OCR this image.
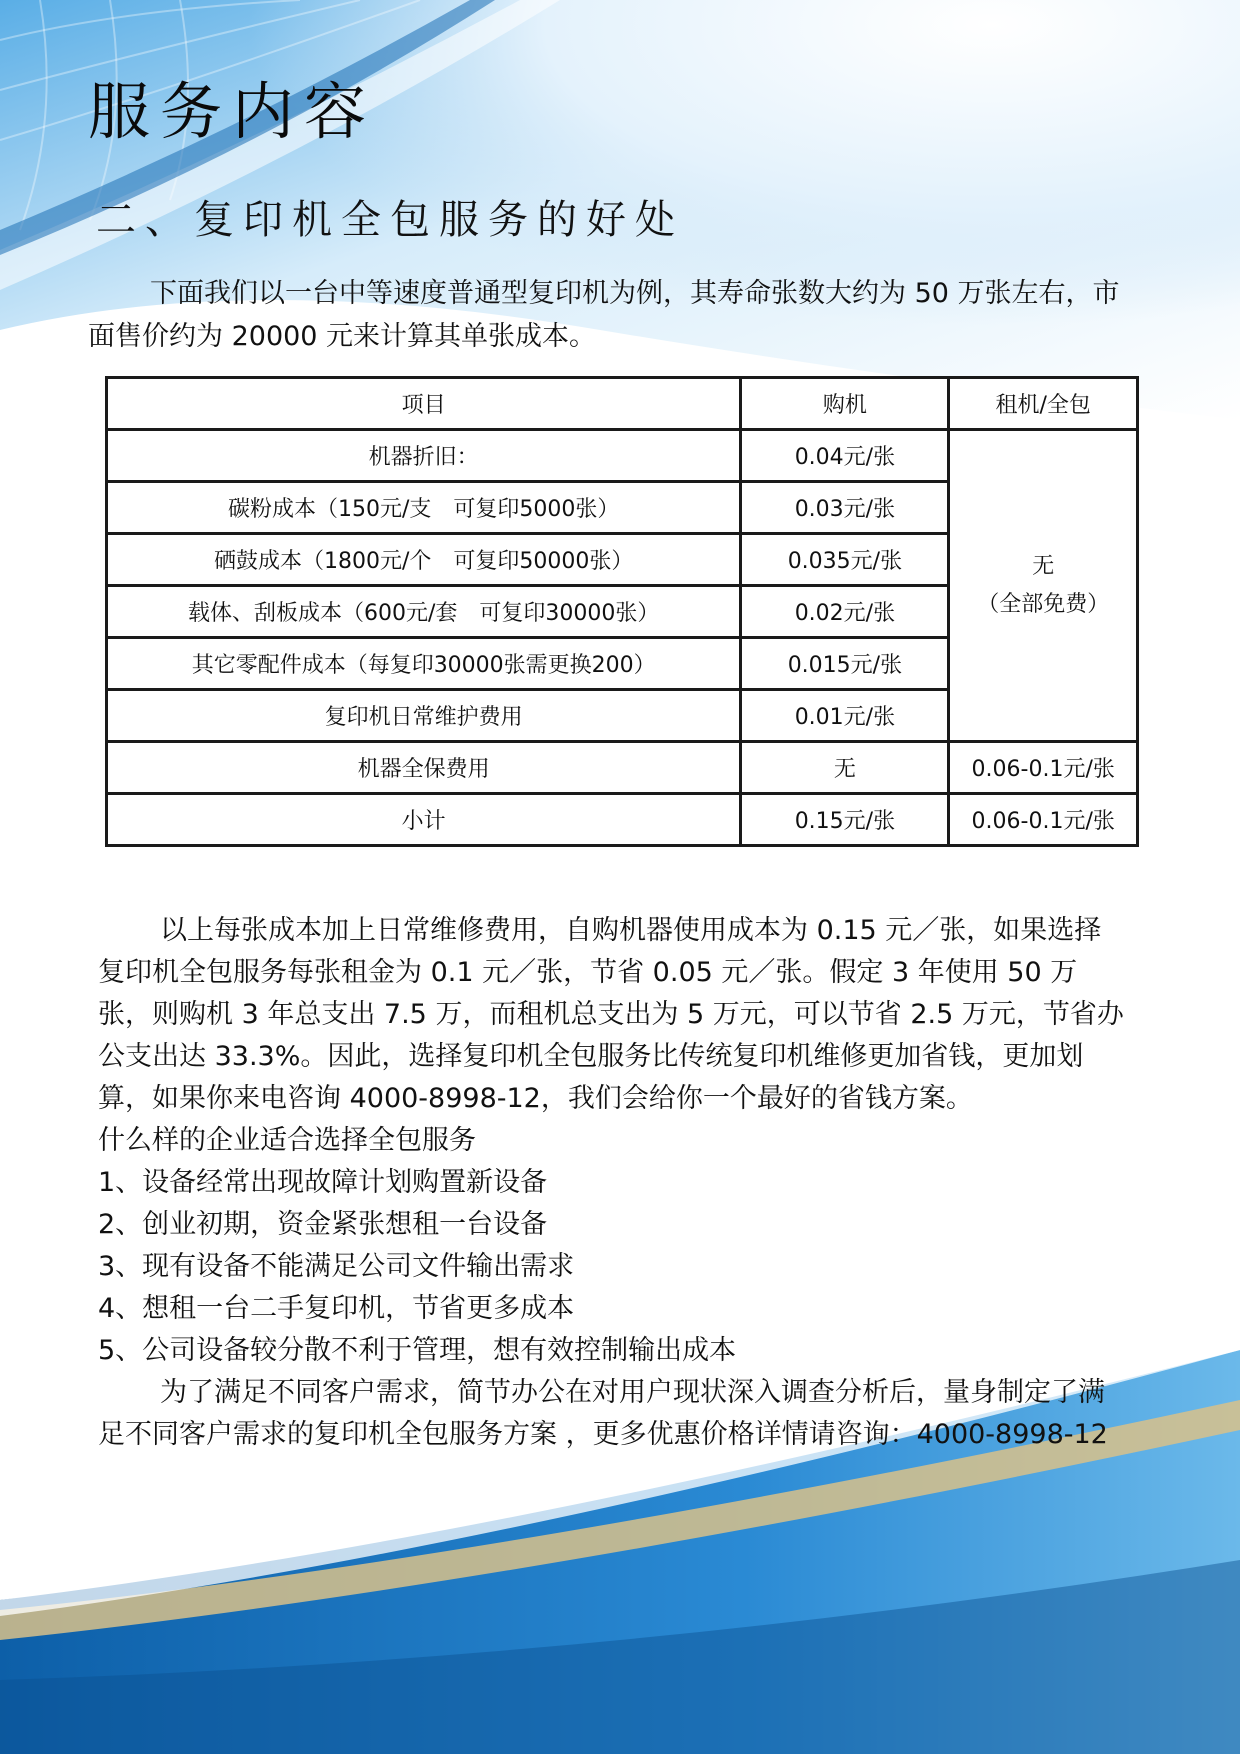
服务内容
二、复印机全包服务的好处

下面我们以一台中等速度普通型复印机为例，其寿命张数大约为 50 万张左右，市面售价约为 20000 元来计算其单张成本。

项目	购机	租机/全包
机器折旧：	0.04元/张	无
（全部免费）

碳粉成本（150元/支　可复印5000张）	0.03元/张	
硒鼓成本（1800元/个　可复印50000张）	0.035元/张	
载体、刮板成本（600元/套　可复印30000张）	0.02元/张	
其它零配件成本（每复印30000张需更换200）	0.015元/张	
复印机日常维护费用	0.01元/张	
机器全保费用	无	0.06-0.1元/张
小计	0.15元/张	0.06-0.1元/张

以上每张成本加上日常维修费用，自购机器使用成本为 0.15 元／张，如果选择复印机全包服务每张租金为 0.1 元／张，节省 0.05 元／张。假定 3 年使用 50 万张，则购机 3 年总支出 7.5 万，而租机总支出为 5 万元，可以节省 2.5 万元，节省办公支出达 33.3%。因此，选择复印机全包服务比传统复印机维修更加省钱，更加划算，如果你来电咨询 4000-8998-12，我们会给你一个最好的省钱方案。

什么样的企业适合选择全包服务

1、设备经常出现故障计划购置新设备

2、创业初期，资金紧张想租一台设备

3、现有设备不能满足公司文件输出需求

4、想租一台二手复印机，节省更多成本

5、公司设备较分散不利于管理，想有效控制输出成本

为了满足不同客户需求，简节办公在对用户现状深入调查分析后，量身制定了满足不同客户需求的复印机全包服务方案 ，更多优惠价格详情请咨询：4000-8998-12
